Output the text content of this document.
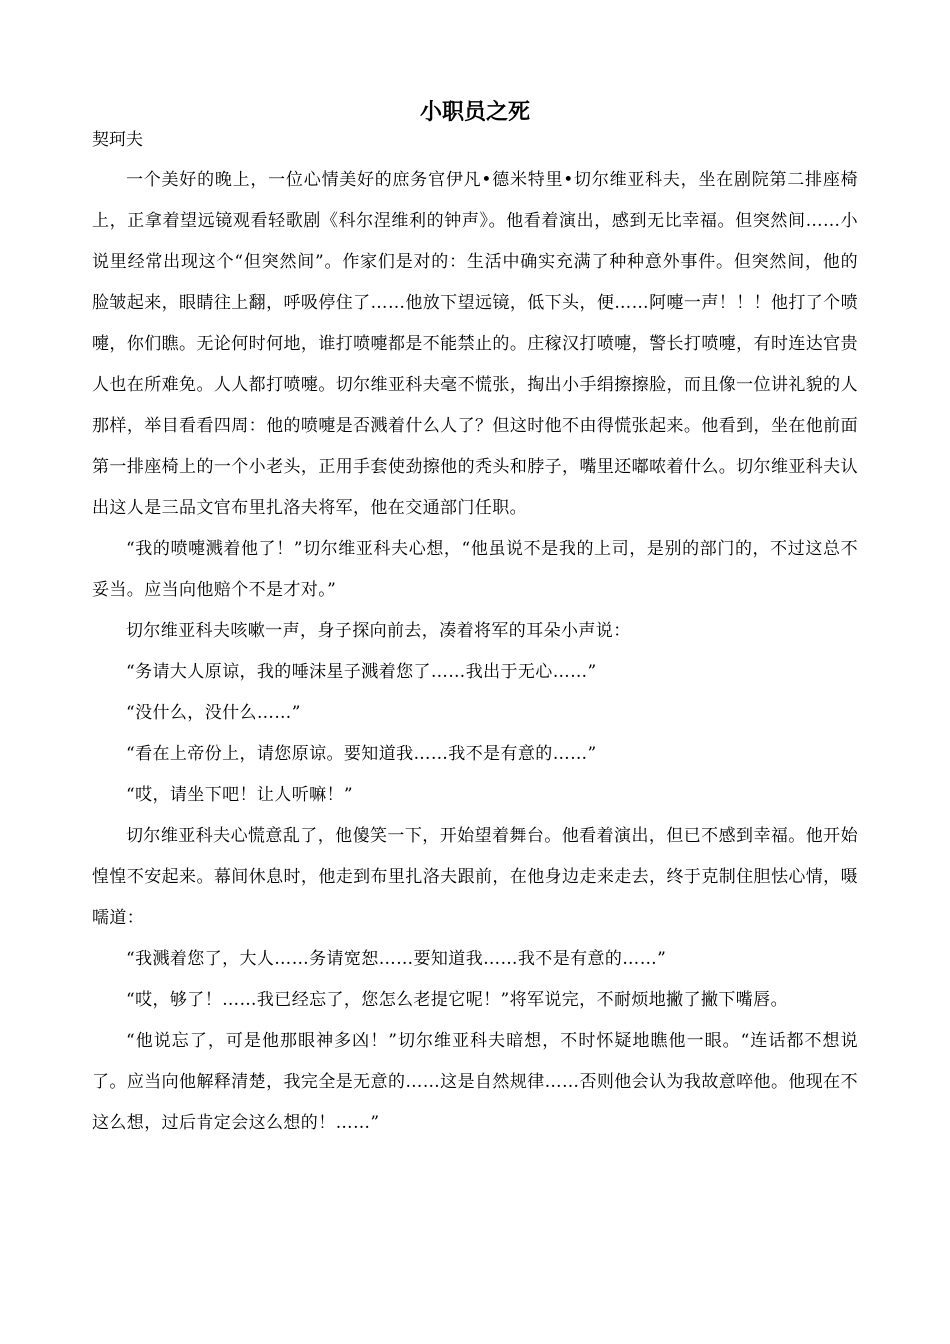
小职员之死
契珂夫

一个美好的晚上，一位心情美好的庶务官伊凡•德米特里•切尔维亚科夫，坐在剧院第二排座椅上，正拿着望远镜观看轻歌剧《科尔涅维利的钟声》。他看着演出，感到无比幸福。但突然间……小说里经常出现这个“但突然间”。作家们是对的：生活中确实充满了种种意外事件。但突然间，他的脸皱起来，眼睛往上翻，呼吸停住了……他放下望远镜，低下头，便……阿嚏一声！！！他打了个喷嚏，你们瞧。无论何时何地，谁打喷嚏都是不能禁止的。庄稼汉打喷嚏，警长打喷嚏，有时连达官贵人也在所难免。人人都打喷嚏。切尔维亚科夫毫不慌张，掏出小手绢擦擦脸，而且像一位讲礼貌的人那样，举目看看四周：他的喷嚏是否溅着什么人了？但这时他不由得慌张起来。他看到，坐在他前面第一排座椅上的一个小老头，正用手套使劲擦他的秃头和脖子，嘴里还嘟哝着什么。切尔维亚科夫认出这人是三品文官布里扎洛夫将军，他在交通部门任职。

“我的喷嚏溅着他了！”切尔维亚科夫心想，“他虽说不是我的上司，是别的部门的，不过这总不妥当。应当向他赔个不是才对。”

切尔维亚科夫咳嗽一声，身子探向前去，凑着将军的耳朵小声说：

“务请大人原谅，我的唾沫星子溅着您了……我出于无心……”

“没什么，没什么……”

“看在上帝份上，请您原谅。要知道我……我不是有意的……”

“哎，请坐下吧！让人听嘛！”

切尔维亚科夫心慌意乱了，他傻笑一下，开始望着舞台。他看着演出，但已不感到幸福。他开始惶惶不安起来。幕间休息时，他走到布里扎洛夫跟前，在他身边走来走去，终于克制住胆怯心情，嗫嚅道：

“我溅着您了，大人……务请宽恕……要知道我……我不是有意的……”

“哎，够了！……我已经忘了，您怎么老提它呢！”将军说完，不耐烦地撇了撇下嘴唇。

“他说忘了，可是他那眼神多凶！”切尔维亚科夫暗想，不时怀疑地瞧他一眼。“连话都不想说了。应当向他解释清楚，我完全是无意的……这是自然规律……否则他会认为我故意啐他。他现在不这么想，过后肯定会这么想的！……”
